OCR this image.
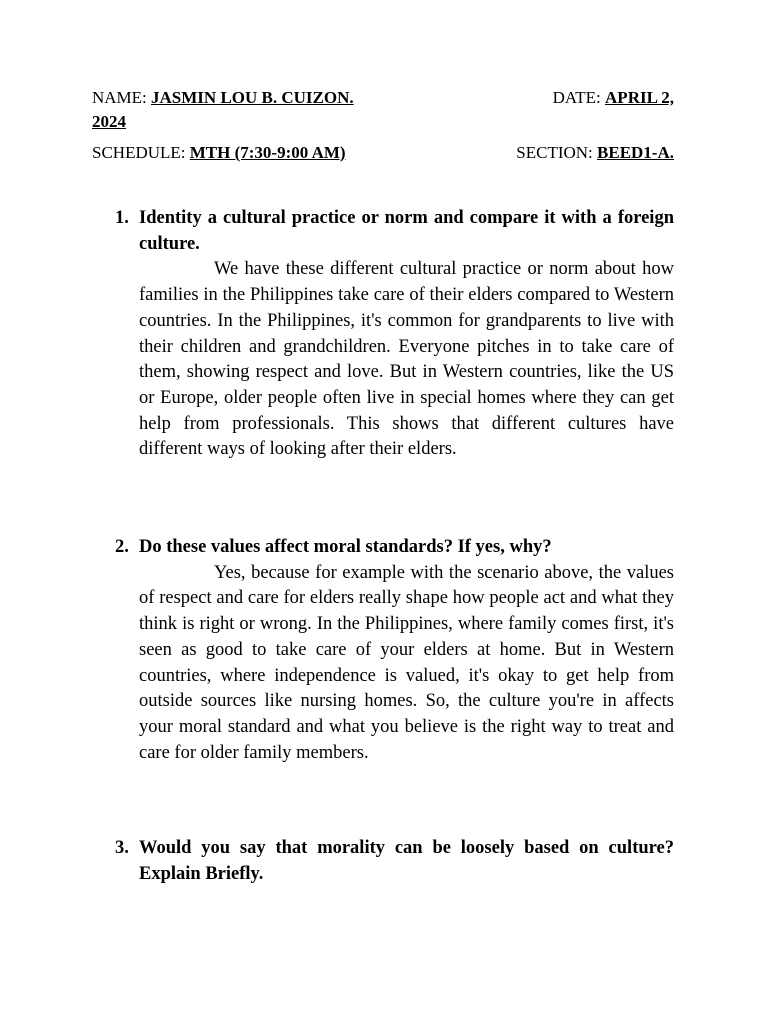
DATE: APRIL 2,
NAME: JASMIN LOU B. CUIZON.
2024
SCHEDULE: MTH (7:30-9:00 AM)	SECTION: BEED1-A.
1. Identity a cultural practice or norm and compare it with a foreign culture.

We have these different cultural practice or norm about how families in the Philippines take care of their elders compared to Western countries. In the Philippines, it's common for grandparents to live with their children and grandchildren. Everyone pitches in to take care of them, showing respect and love. But in Western countries, like the US or Europe, older people often live in special homes where they can get help from professionals. This shows that different cultures have different ways of looking after their elders.

2. Do these values affect moral standards? If yes, why?

Yes, because for example with the scenario above, the values of respect and care for elders really shape how people act and what they think is right or wrong. In the Philippines, where family comes first, it's seen as good to take care of your elders at home. But in Western countries, where independence is valued, it's okay to get help from outside sources like nursing homes. So, the culture you're in affects your moral standard and what you believe is the right way to treat and care for older family members.

3. Would you say that morality can be loosely based on culture? Explain Briefly.
